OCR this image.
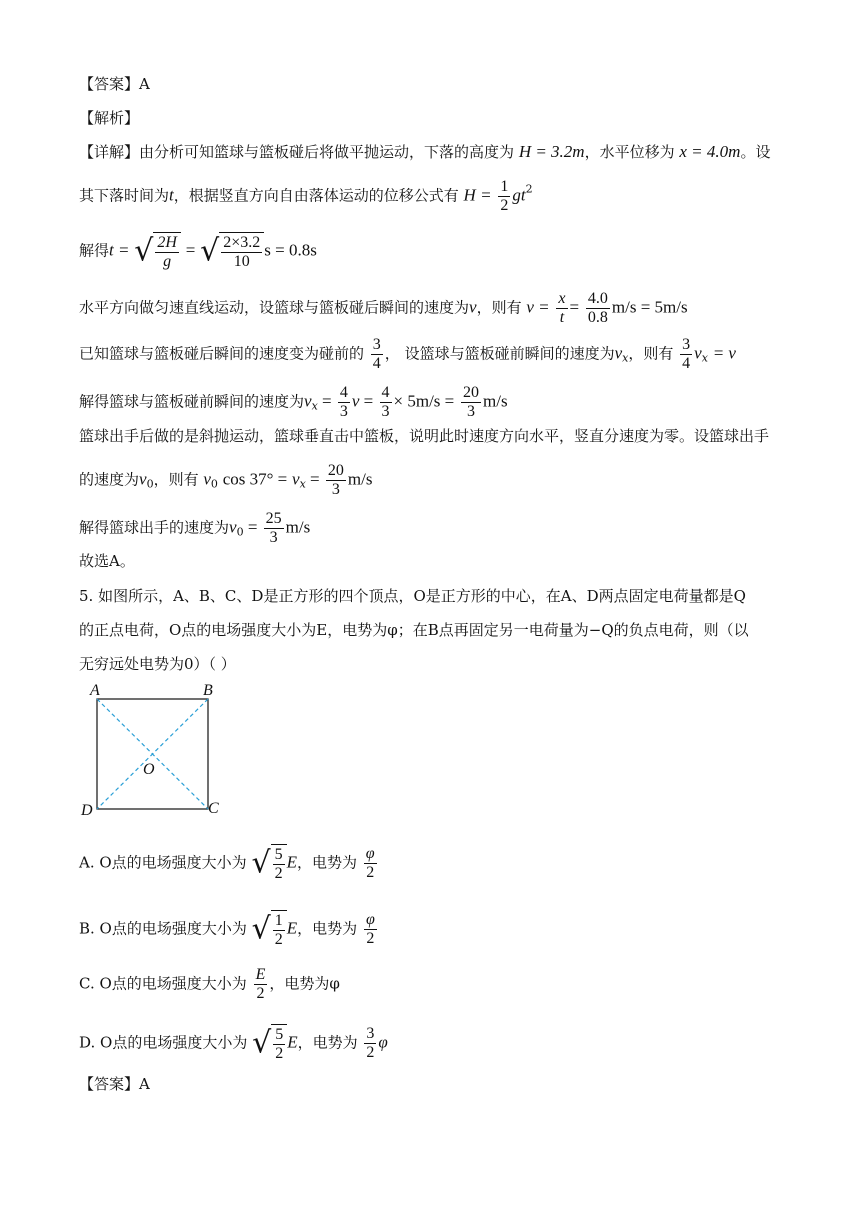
【答案】A
【解析】
【详解】由分析可知篮球与篮板碰后将做平抛运动，下落的高度为 H = 3.2m，水平位移为 x = 4.0m。设
其下落时间为t，根据竖直方向自由落体运动的位移公式有 $H = \frac{1}{2} gt^2$
解得t = √ $\frac{2H}{g}$ = √ $\frac{2\times 3.2}{10}$ s = 0.8s
水平方向做匀速直线运动，设篮球与篮板碰后瞬间的速度为v，则有 $v = \frac{x}{t} = \frac{4.0}{0.8} m/s = 5m/s$
已知篮球与篮板碰后瞬间的速度变为碰前的 $\frac{3}{4}$ ， 设篮球与篮板碰前瞬间的速度为$v_x$，则有 $\frac{3}{4} v_x = v$
解得篮球与篮板碰前瞬间的速度为$v_x = \frac{4}{3}$ $v = \frac{4}{3} \times 5m/s = \frac{20}{3} m/s$
篮球出手后做的是斜抛运动，篮球垂直击中篮板，说明此时速度方向水平，竖直分速度为零。设篮球出手
的速度为$v_0$，则有 $v_0$ $\cos 37^\circ = v_x = \frac{20}{3} m/s$
解得篮球出手的速度为$v_0 = \frac{25}{3} m/s$
故选A。
5. 如图所示，A、B、C、D是正方形的四个顶点，O是正方形的中心，在A、D两点固定电荷量都是Q
的正点电荷，O点的电场强度大小为E，电势为φ；在B点再固定另一电荷量为−Q的负点电荷，则（以
无穷远处电势为0）（ ）
A	B
C
D
O
A. O点的电场强度大小为 √ $\frac{5}{2}$ E，电势为 $\frac{\varphi}{2}$
B. O点的电场强度大小为 √ $\frac{1}{2}$ E，电势为 $\frac{\varphi}{2}$
C. O点的电场强度大小为 $\frac{E}{2}$ ，电势为φ
D. O点的电场强度大小为 √ $\frac{5}{2}$ E，电势为 $\frac{3}{2}$ φ
【答案】A
